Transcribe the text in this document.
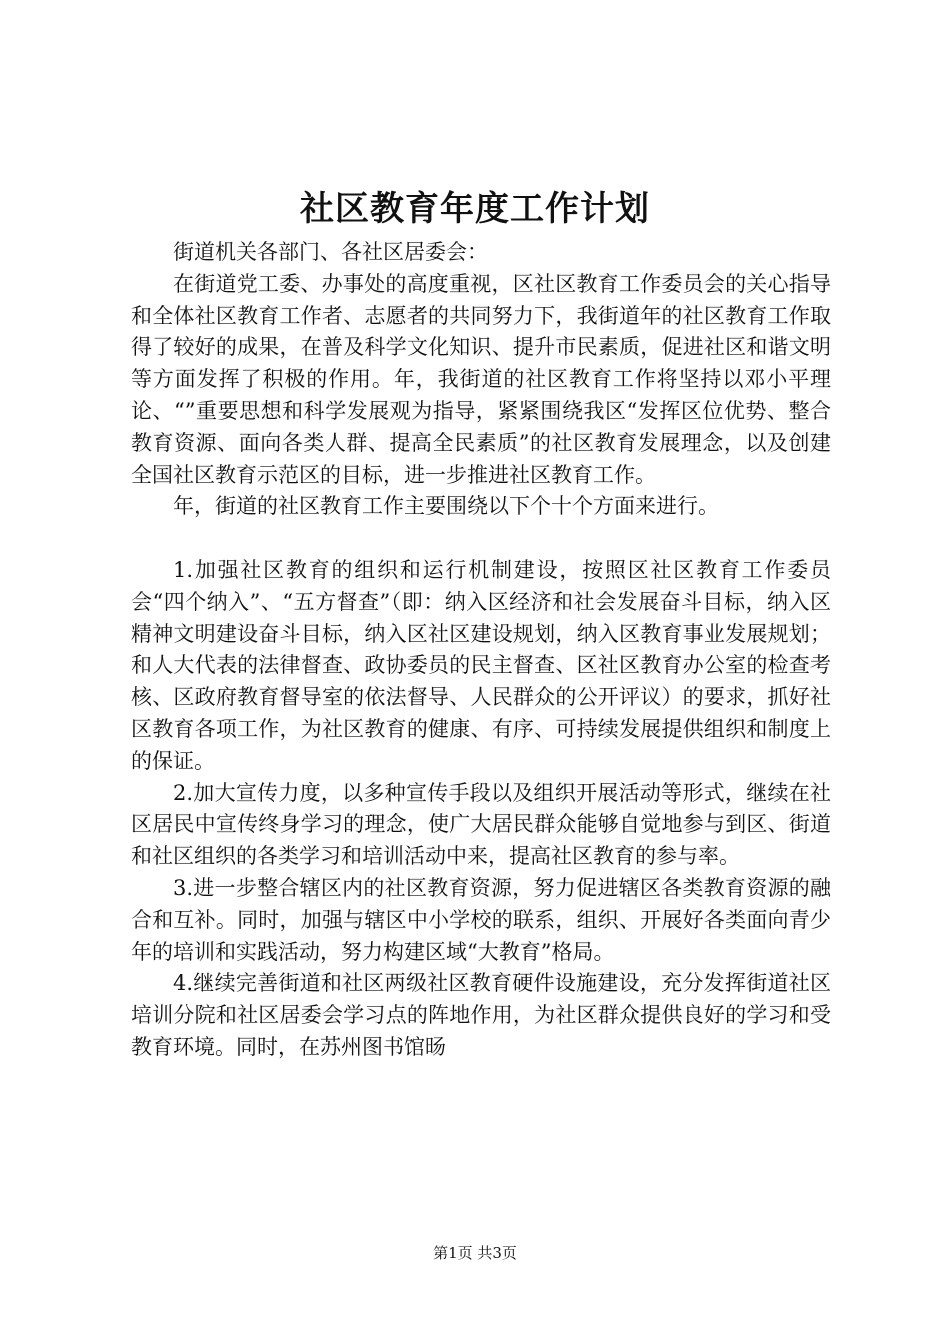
社区教育年度工作计划

街道机关各部门、各社区居委会：

在街道党工委、办事处的高度重视，区社区教育工作委员会的关心指导和全体社区教育工作者、志愿者的共同努力下，我街道年的社区教育工作取得了较好的成果，在普及科学文化知识、提升市民素质，促进社区和谐文明等方面发挥了积极的作用。年，我街道的社区教育工作将坚持以邓小平理论、“”重要思想和科学发展观为指导，紧紧围绕我区“发挥区位优势、整合教育资源、面向各类人群、提高全民素质”的社区教育发展理念，以及创建全国社区教育示范区的目标，进一步推进社区教育工作。

年，街道的社区教育工作主要围绕以下个十个方面来进行。

1.加强社区教育的组织和运行机制建设，按照区社区教育工作委员会“四个纳入”、“五方督查”（即：纳入区经济和社会发展奋斗目标，纳入区精神文明建设奋斗目标，纳入区社区建设规划，纳入区教育事业发展规划；和人大代表的法律督查、政协委员的民主督查、区社区教育办公室的检查考核、区政府教育督导室的依法督导、人民群众的公开评议）的要求，抓好社区教育各项工作，为社区教育的健康、有序、可持续发展提供组织和制度上的保证。

2.加大宣传力度，以多种宣传手段以及组织开展活动等形式，继续在社区居民中宣传终身学习的理念，使广大居民群众能够自觉地参与到区、街道和社区组织的各类学习和培训活动中来，提高社区教育的参与率。

3.进一步整合辖区内的社区教育资源，努力促进辖区各类教育资源的融合和互补。同时，加强与辖区中小学校的联系，组织、开展好各类面向青少年的培训和实践活动，努力构建区域“大教育”格局。

4.继续完善街道和社区两级社区教育硬件设施建设，充分发挥街道社区培训分院和社区居委会学习点的阵地作用，为社区群众提供良好的学习和受教育环境。同时，在苏州图书馆旸

第1页 共3页
